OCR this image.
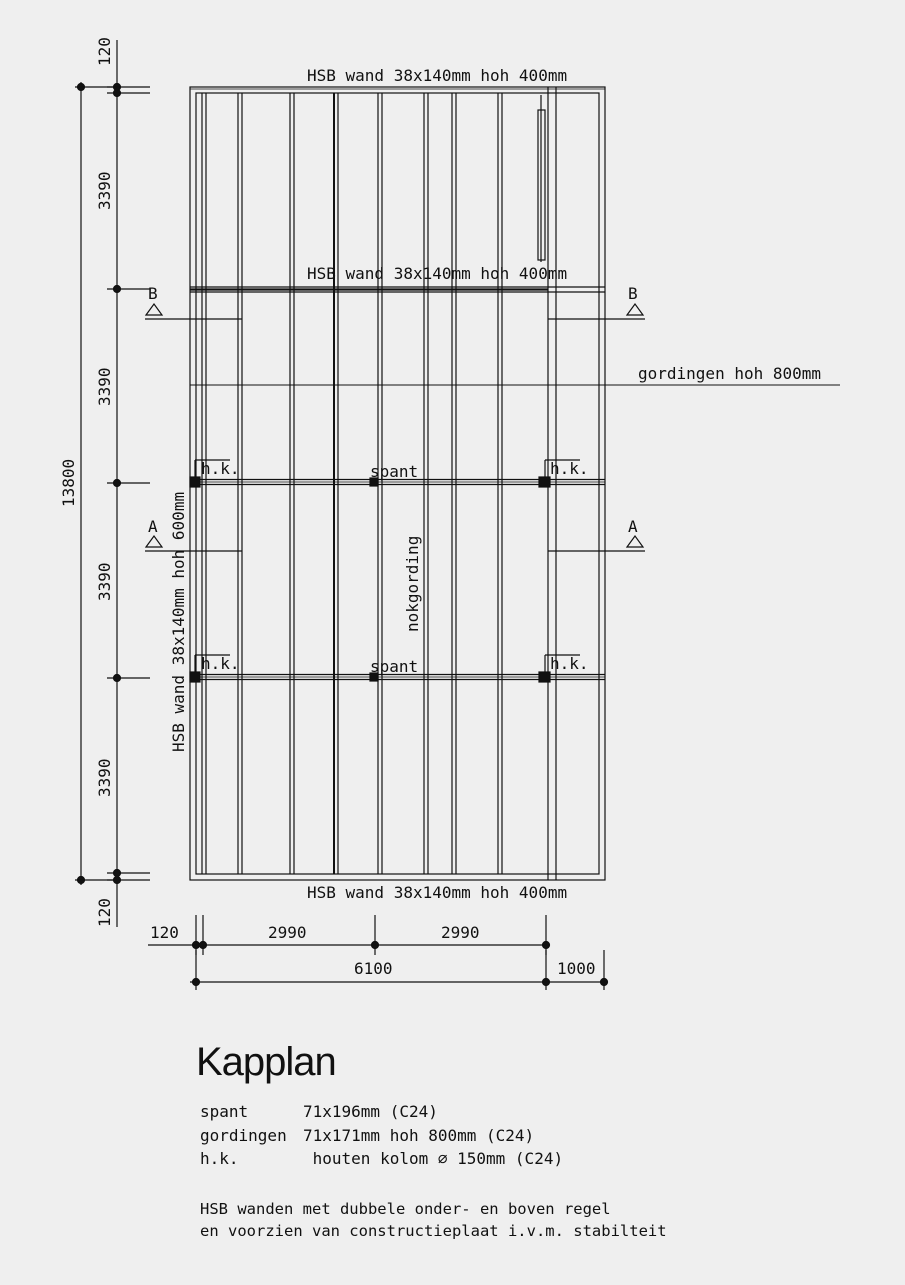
HSB wand 38x140mm hoh 400mm
HSB wand 38x140mm hoh 400mm
HSB wand 38x140mm hoh 400mm
HSB wand 38x140mm hoh 600mm
gordingen hoh 800mm
nokgording
spant
spant
h.k.
h.k.
h.k.
h.k.
B	B
A	A
120
3390
3390
3390
3390
120
13800
120	2990	2990
6100	1000
Kapplan
spant	71x196mm (C24)
gordingen 71x171mm hoh 800mm (C24)
h.k.	houten kolom ⌀ 150mm (C24)
HSB wanden met dubbele onder- en boven regel
en voorzien van constructieplaat i.v.m. stabilteit
